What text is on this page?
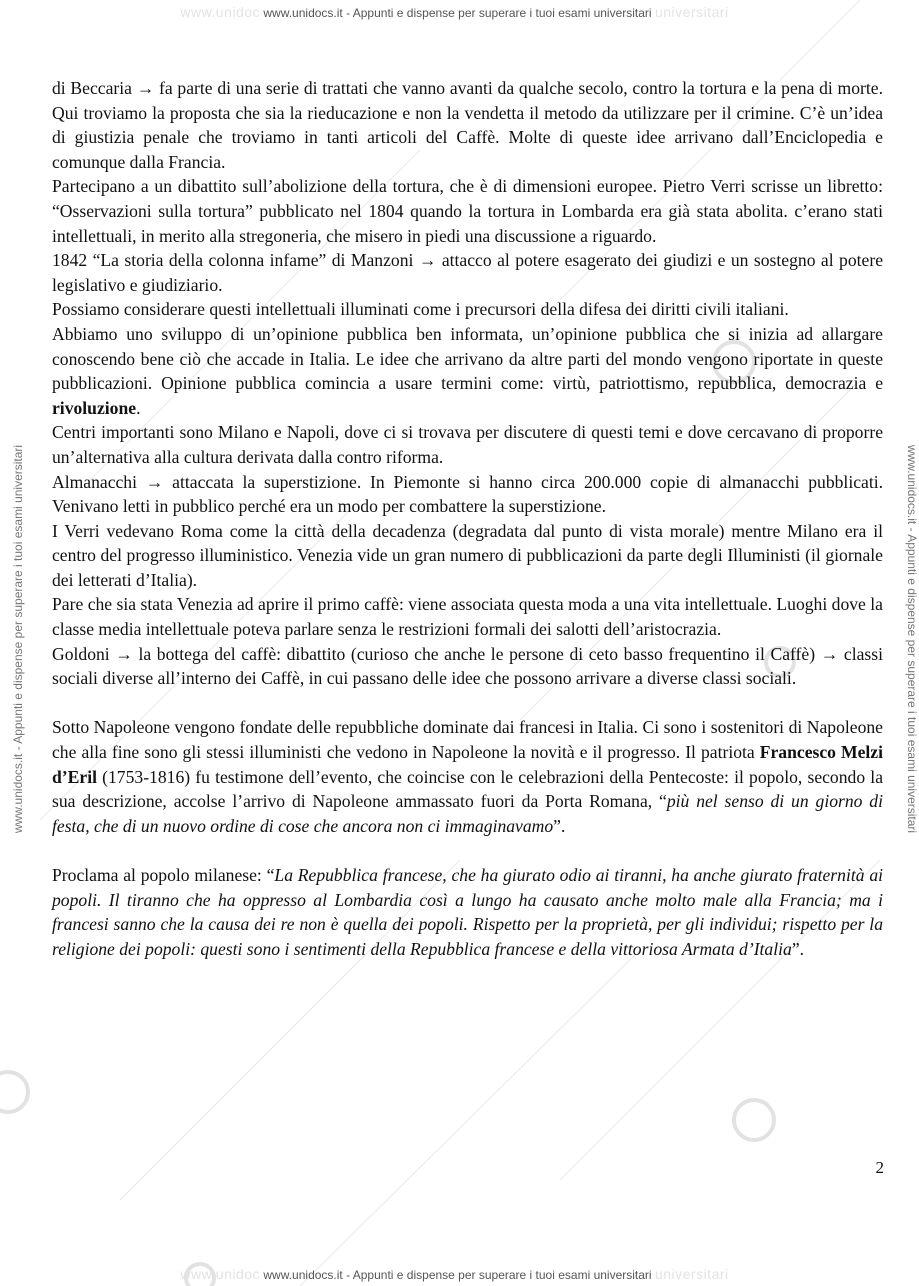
www.unidoc www.unidocs.it - Appunti e dispense per superare i tuoi esami universitari universitari
www.unidoc www.unidocs.it - Appunti e dispense per superare i tuoi esami universitari universitari
www.unidocs.it - Appunti e dispense per superare i tuoi esami universitari	www.unidocs.it - Appunti e dispense per superare i tuoi esami universitari

di Beccaria → fa parte di una serie di trattati che vanno avanti da qualche secolo, contro la tortura e la pena di morte. Qui troviamo la proposta che sia la rieducazione e non la vendetta il metodo da utilizzare per il crimine. C’è un’idea di giustizia penale che troviamo in tanti articoli del Caffè. Molte di queste idee arrivano dall’Enciclopedia e comunque dalla Francia.

Partecipano a un dibattito sull’abolizione della tortura, che è di dimensioni europee. Pietro Verri scrisse un libretto: “Osservazioni sulla tortura” pubblicato nel 1804 quando la tortura in Lombarda era già stata abolita. c’erano stati intellettuali, in merito alla stregoneria, che misero in piedi una discussione a riguardo.

1842 “La storia della colonna infame” di Manzoni → attacco al potere esagerato dei giudizi e un sostegno al potere legislativo e giudiziario.

Possiamo considerare questi intellettuali illuminati come i precursori della difesa dei diritti civili italiani.

Abbiamo uno sviluppo di un’opinione pubblica ben informata, un’opinione pubblica che si inizia ad allargare conoscendo bene ciò che accade in Italia. Le idee che arrivano da altre parti del mondo vengono riportate in queste pubblicazioni. Opinione pubblica comincia a usare termini come: virtù, patriottismo, repubblica, democrazia e rivoluzione.

Centri importanti sono Milano e Napoli, dove ci si trovava per discutere di questi temi e dove cercavano di proporre un’alternativa alla cultura derivata dalla contro riforma.

Almanacchi → attaccata la superstizione. In Piemonte si hanno circa 200.000 copie di almanacchi pubblicati. Venivano letti in pubblico perché era un modo per combattere la superstizione.

I Verri vedevano Roma come la città della decadenza (degradata dal punto di vista morale) mentre Milano era il centro del progresso illuministico. Venezia vide un gran numero di pubblicazioni da parte degli Illuministi (il giornale dei letterati d’Italia).

Pare che sia stata Venezia ad aprire il primo caffè: viene associata questa moda a una vita intellettuale. Luoghi dove la classe media intellettuale poteva parlare senza le restrizioni formali dei salotti dell’aristocrazia.

Goldoni → la bottega del caffè: dibattito (curioso che anche le persone di ceto basso frequentino il Caffè) → classi sociali diverse all’interno dei Caffè, in cui passano delle idee che possono arrivare a diverse classi sociali.

Sotto Napoleone vengono fondate delle repubbliche dominate dai francesi in Italia. Ci sono i sostenitori di Napoleone che alla fine sono gli stessi illuministi che vedono in Napoleone la novità e il progresso. Il patriota Francesco Melzi d’Eril (1753-1816) fu testimone dell’evento, che coincise con le celebrazioni della Pentecoste: il popolo, secondo la sua descrizione, accolse l’arrivo di Napoleone ammassato fuori da Porta Romana, “più nel senso di un giorno di festa, che di un nuovo ordine di cose che ancora non ci immaginavamo”.

Proclama al popolo milanese: “La Repubblica francese, che ha giurato odio ai tiranni, ha anche giurato fraternità ai popoli. Il tiranno che ha oppresso al Lombardia così a lungo ha causato anche molto male alla Francia; ma i francesi sanno che la causa dei re non è quella dei popoli. Rispetto per la proprietà, per gli individui; rispetto per la religione dei popoli: questi sono i sentimenti della Repubblica francese e della vittoriosa Armata d’Italia”.

2
